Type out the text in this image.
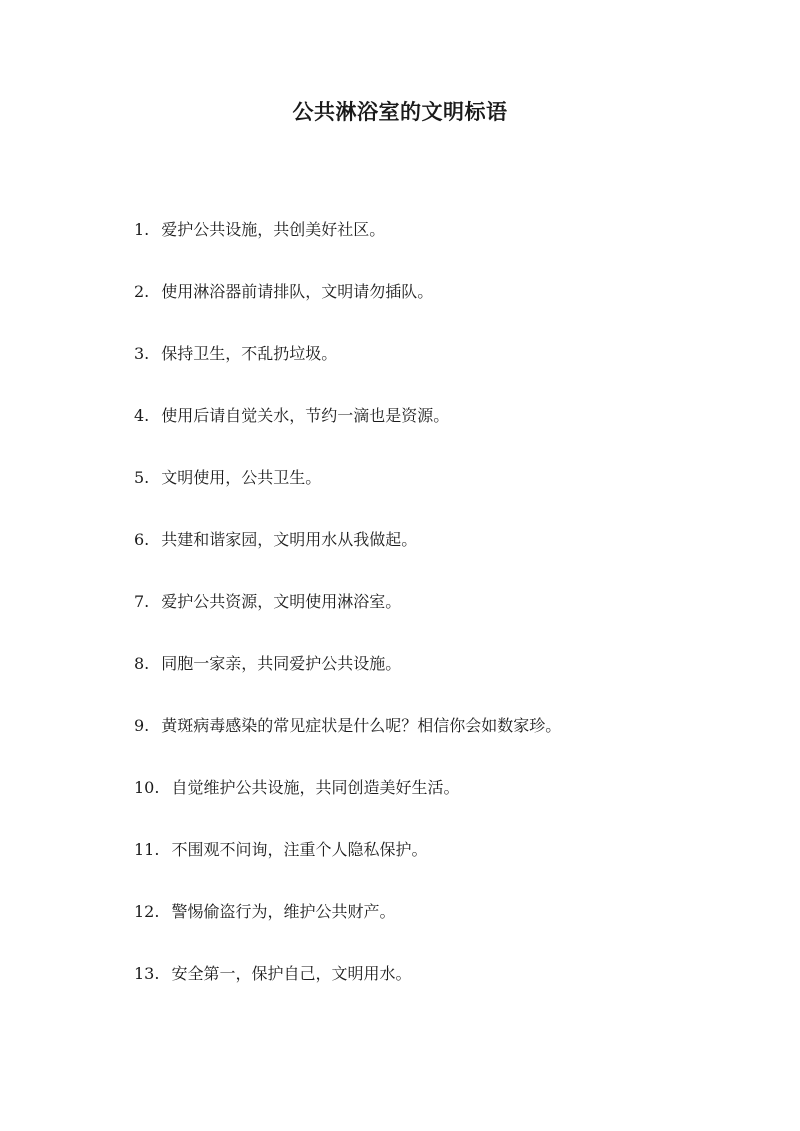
公共淋浴室的文明标语
1. 爱护公共设施，共创美好社区。
2. 使用淋浴器前请排队，文明请勿插队。
3. 保持卫生，不乱扔垃圾。
4. 使用后请自觉关水，节约一滴也是资源。
5. 文明使用，公共卫生。
6. 共建和谐家园，文明用水从我做起。
7. 爱护公共资源，文明使用淋浴室。
8. 同胞一家亲，共同爱护公共设施。
9. 黄斑病毒感染的常见症状是什么呢？相信你会如数家珍。
10. 自觉维护公共设施，共同创造美好生活。
11. 不围观不问询，注重个人隐私保护。
12. 警惕偷盗行为，维护公共财产。
13. 安全第一，保护自己，文明用水。
